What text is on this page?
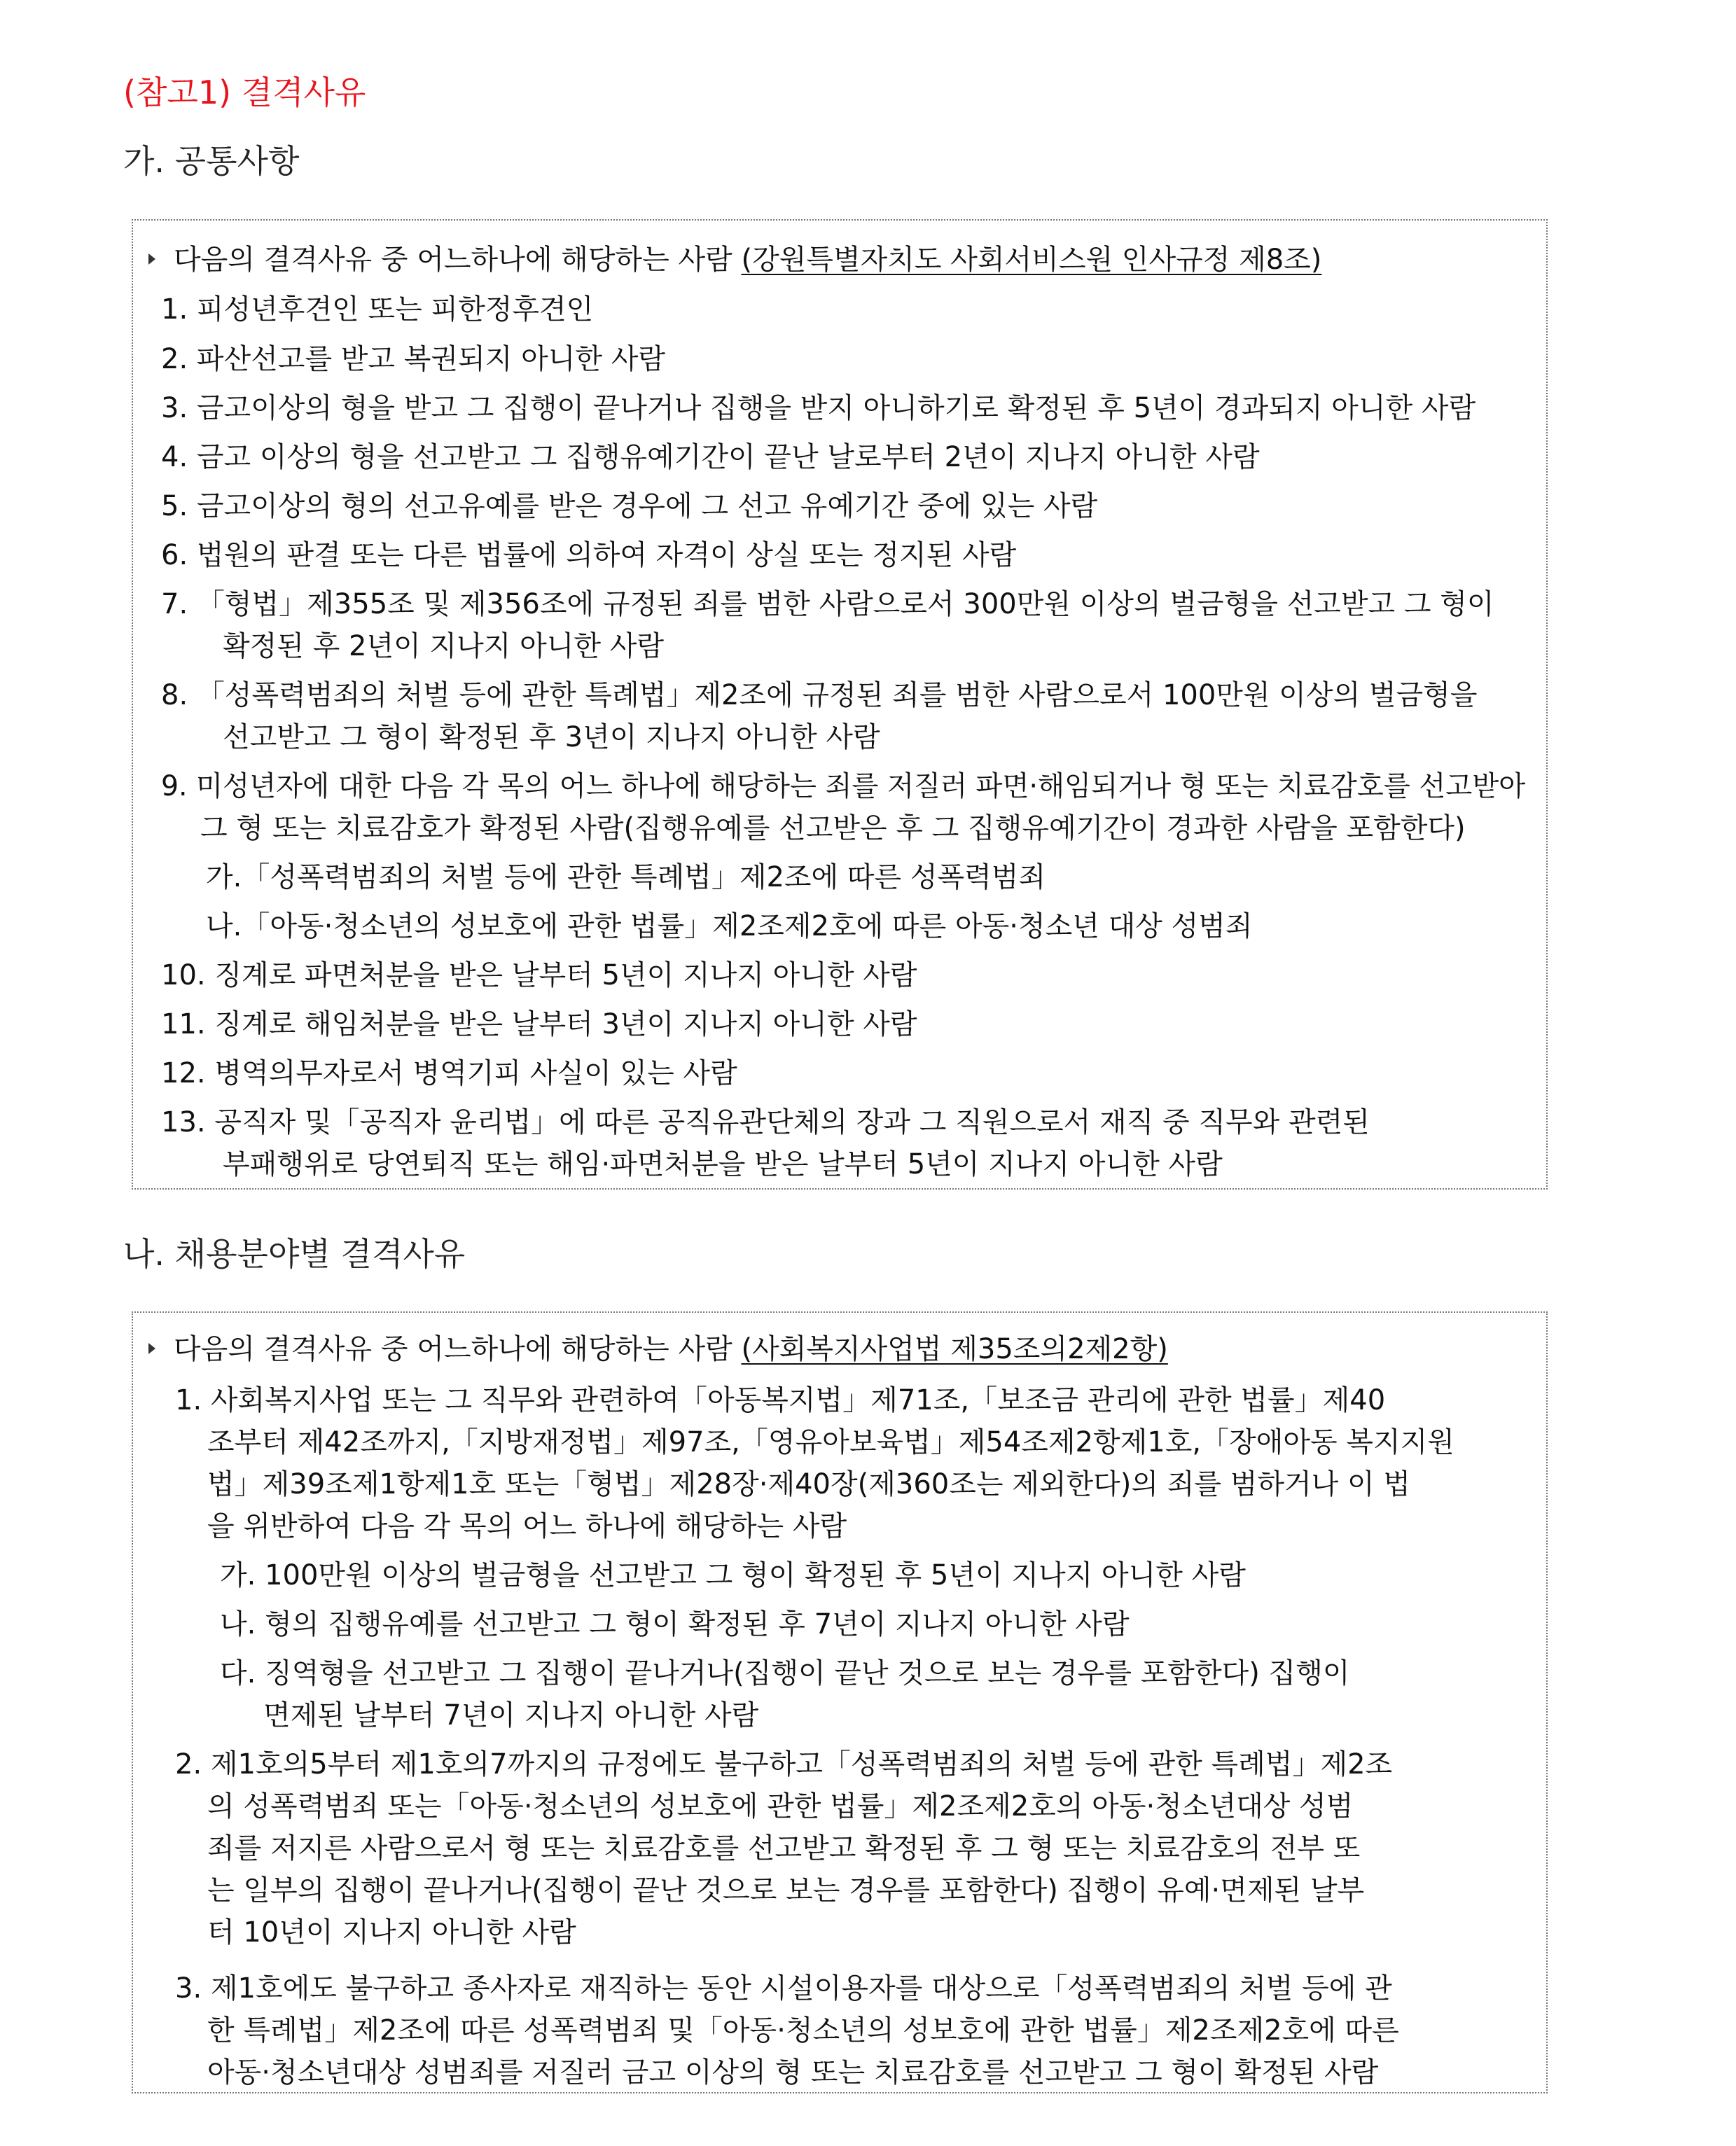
(참고1) 결격사유
가. 공통사항
다음의 결격사유 중 어느하나에 해당하는 사람 (강원특별자치도 사회서비스원 인사규정 제8조)
1. 피성년후견인 또는 피한정후견인
2. 파산선고를 받고 복권되지 아니한 사람
3. 금고이상의 형을 받고 그 집행이 끝나거나 집행을 받지 아니하기로 확정된 후 5년이 경과되지 아니한 사람
4. 금고 이상의 형을 선고받고 그 집행유예기간이 끝난 날로부터 2년이 지나지 아니한 사람
5. 금고이상의 형의 선고유예를 받은 경우에 그 선고 유예기간 중에 있는 사람
6. 법원의 판결 또는 다른 법률에 의하여 자격이 상실 또는 정지된 사람
7. 「형법」제355조 및 제356조에 규정된 죄를 범한 사람으로서 300만원 이상의 벌금형을 선고받고 그 형이
확정된 후 2년이 지나지 아니한 사람
8. 「성폭력범죄의 처벌 등에 관한 특례법」제2조에 규정된 죄를 범한 사람으로서 100만원 이상의 벌금형을
선고받고 그 형이 확정된 후 3년이 지나지 아니한 사람
9. 미성년자에 대한 다음 각 목의 어느 하나에 해당하는 죄를 저질러 파면·해임되거나 형 또는 치료감호를 선고받아
그 형 또는 치료감호가 확정된 사람(집행유예를 선고받은 후 그 집행유예기간이 경과한 사람을 포함한다)
가.「성폭력범죄의 처벌 등에 관한 특례법」제2조에 따른 성폭력범죄
나.「아동·청소년의 성보호에 관한 법률」제2조제2호에 따른 아동·청소년 대상 성범죄
10. 징계로 파면처분을 받은 날부터 5년이 지나지 아니한 사람
11. 징계로 해임처분을 받은 날부터 3년이 지나지 아니한 사람
12. 병역의무자로서 병역기피 사실이 있는 사람
13. 공직자 및「공직자 윤리법」에 따른 공직유관단체의 장과 그 직원으로서 재직 중 직무와 관련된
부패행위로 당연퇴직 또는 해임·파면처분을 받은 날부터 5년이 지나지 아니한 사람
나. 채용분야별 결격사유
다음의 결격사유 중 어느하나에 해당하는 사람 (사회복지사업법 제35조의2제2항)
1. 사회복지사업 또는 그 직무와 관련하여「아동복지법」제71조,「보조금 관리에 관한 법률」제40
조부터 제42조까지,「지방재정법」제97조,「영유아보육법」제54조제2항제1호,「장애아동 복지지원
법」제39조제1항제1호 또는「형법」제28장·제40장(제360조는 제외한다)의 죄를 범하거나 이 법
을 위반하여 다음 각 목의 어느 하나에 해당하는 사람
가. 100만원 이상의 벌금형을 선고받고 그 형이 확정된 후 5년이 지나지 아니한 사람
나. 형의 집행유예를 선고받고 그 형이 확정된 후 7년이 지나지 아니한 사람
다. 징역형을 선고받고 그 집행이 끝나거나(집행이 끝난 것으로 보는 경우를 포함한다) 집행이
면제된 날부터 7년이 지나지 아니한 사람
2. 제1호의5부터 제1호의7까지의 규정에도 불구하고「성폭력범죄의 처벌 등에 관한 특례법」제2조
의 성폭력범죄 또는「아동·청소년의 성보호에 관한 법률」제2조제2호의 아동·청소년대상 성범
죄를 저지른 사람으로서 형 또는 치료감호를 선고받고 확정된 후 그 형 또는 치료감호의 전부 또
는 일부의 집행이 끝나거나(집행이 끝난 것으로 보는 경우를 포함한다) 집행이 유예·면제된 날부
터 10년이 지나지 아니한 사람
3. 제1호에도 불구하고 종사자로 재직하는 동안 시설이용자를 대상으로「성폭력범죄의 처벌 등에 관
한 특례법」제2조에 따른 성폭력범죄 및「아동·청소년의 성보호에 관한 법률」제2조제2호에 따른
아동·청소년대상 성범죄를 저질러 금고 이상의 형 또는 치료감호를 선고받고 그 형이 확정된 사람
